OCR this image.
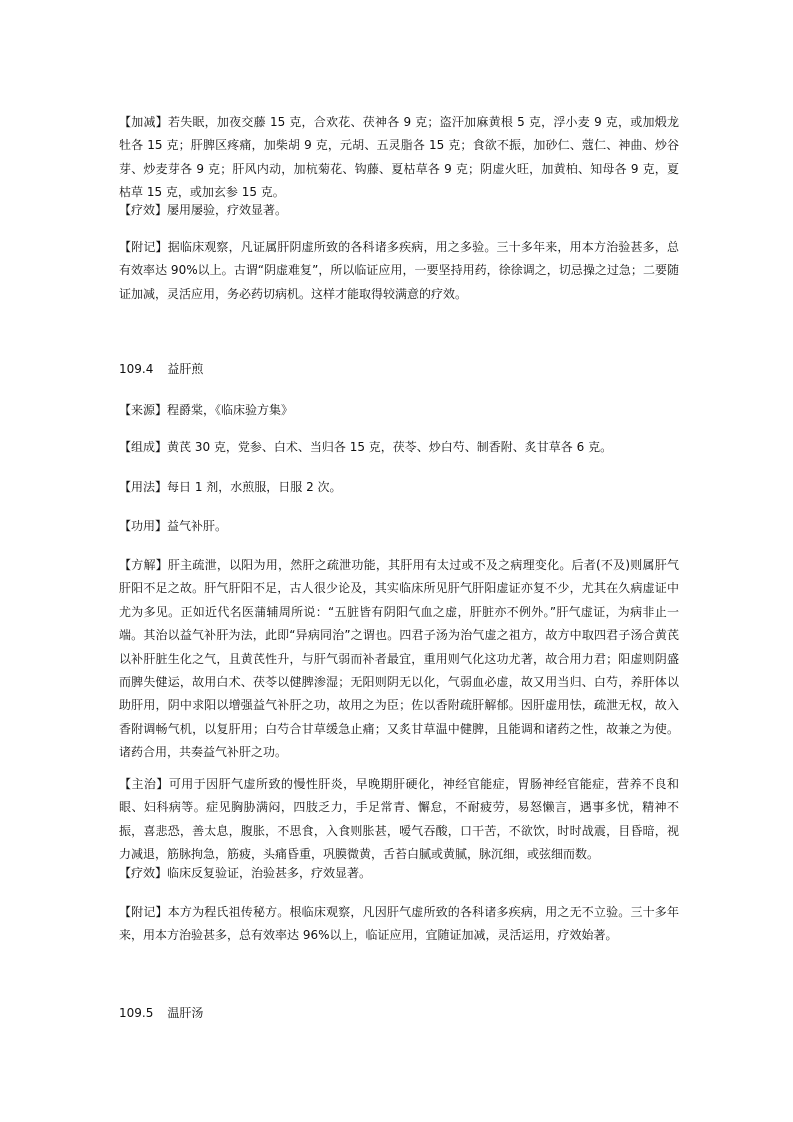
【加减】若失眠，加夜交藤 15 克，合欢花、茯神各 9 克；盗汗加麻黄根 5 克，浮小麦 9 克，或加煅龙牡各 15 克；肝脾区疼痛，加柴胡 9 克，元胡、五灵脂各 15 克；食欲不振，加砂仁、蔻仁、神曲、炒谷芽、炒麦芽各 9 克；肝风内动，加杭菊花、钩藤、夏枯草各 9 克；阴虚火旺，加黄柏、知母各 9 克，夏枯草 15 克，或加玄参 15 克。

【疗效】屡用屡验，疗效显著。

【附记】据临床观察，凡证属肝阴虚所致的各科诸多疾病，用之多验。三十多年来，用本方治验甚多，总有效率达 90%以上。古谓“阴虚难复”，所以临证应用，一要坚持用药，徐徐调之，切忌操之过急；二要随证加减，灵活应用，务必药切病机。这样才能取得较满意的疗效。

109.4 益肝煎

【来源】程爵棠，《临床验方集》

【组成】黄芪 30 克，党参、白术、当归各 15 克，茯苓、炒白芍、制香附、炙甘草各 6 克。

【用法】每日 1 剂，水煎服，日服 2 次。

【功用】益气补肝。

【方解】肝主疏泄，以阳为用，然肝之疏泄功能，其肝用有太过或不及之病理变化。后者(不及)则属肝气肝阳不足之故。肝气肝阳不足，古人很少论及，其实临床所见肝气肝阳虚证亦复不少，尤其在久病虚证中尤为多见。正如近代名医蒲辅周所说：“五脏皆有阴阳气血之虚，肝脏亦不例外。”肝气虚证，为病非止一端。其治以益气补肝为法，此即“异病同治”之谓也。四君子汤为治气虚之祖方，故方中取四君子汤合黄芪以补肝脏生化之气，且黄芪性升，与肝气弱而补者最宜，重用则气化这功尤著，故合用力君；阳虚则阴盛而脾失健运，故用白术、茯苓以健脾渗湿；无阳则阴无以化，气弱血必虚，故又用当归、白芍，养肝体以助肝用，阴中求阳以增强益气补肝之功，故用之为臣；佐以香附疏肝解郁。因肝虚用怯，疏泄无权，故入香附调畅气机，以复肝用；白芍合甘草缓急止痛；又炙甘草温中健脾，且能调和诸药之性，故兼之为使。诸药合用，共奏益气补肝之功。

【主治】可用于因肝气虚所致的慢性肝炎，早晚期肝硬化，神经官能症，胃肠神经官能症，营养不良和眼、妇科病等。症见胸胁满闷，四肢乏力，手足常青、懈怠，不耐疲劳，易怒懒言，遇事多忧，精神不振，喜悲恐，善太息，腹胀，不思食，入食则胀甚，嗳气吞酸，口干苦，不欲饮，时时战震，目昏暗，视力减退，筋脉拘急，筋疲，头痛昏重，巩膜微黄，舌苔白腻或黄腻，脉沉细，或弦细而数。

【疗效】临床反复验证，治验甚多，疗效显著。

【附记】本方为程氏祖传秘方。根临床观察，凡因肝气虚所致的各科诸多疾病，用之无不立验。三十多年来，用本方治验甚多，总有效率达 96%以上，临证应用，宜随证加减，灵活运用，疗效始著。

109.5 温肝汤
